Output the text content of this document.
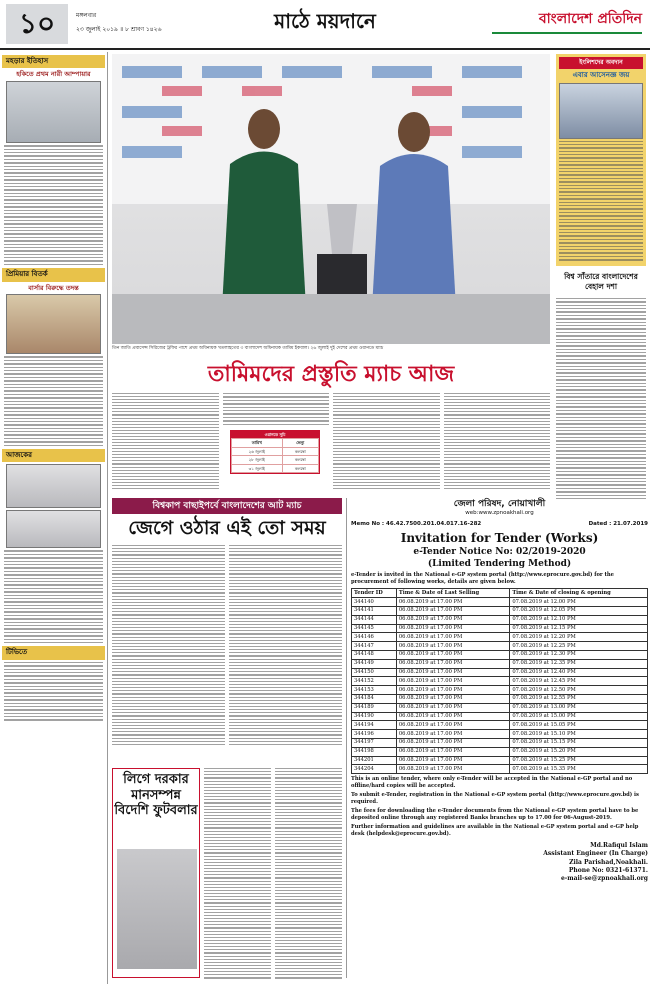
১০	মঙ্গলবার
২৩ জুলাই ২০১৯ ॥ ৮ শ্রাবণ ১৪২৬	মাঠে ময়দানে	বাংলাদেশ প্রতিদিন
মহড়ার ইতিহাস
হকিতে প্রথম নারী আম্পায়ার
প্রিমিয়ার বিতর্ক
বার্সার বিরুদ্ধে তদন্ত
আজকের
টিভিতে
তিন জাতি প্রবাসেন্স সিরিজের ট্রফির পাশে প্রথম অধিনায়ক খতলাহতের ৩ বাংলাদেশ অধিনায়ক তামিম ইকবাল। ২৬ জুলাই দুই দেশের প্রথম ওয়ানডে ম্যাচ
ইংলিশদের অবদান
এবার আসেনজ্ঞ জয়
বিশ্ব সাঁতারে বাংলাদেশের বেহাল দশা
তামিমদের প্রস্তুতি ম্যাচ আজ
ওয়ানডে সূচি
তারিখ	ভেন্যু
২৬ জুলাই	কলম্বো
২৮ জুলাই	কলম্বো
৩১ জুলাই	কলম্বো
বিশ্বকাপ বাছাইপর্বে বাংলাদেশের আট ম্যাচ
জেগে ওঠার এই তো সময়
লিগে দরকার মানসম্পন্ন বিদেশি ফুটবলার
জেলা পরিষদ, নোয়াখালী
web:www.zpnoakhali.org
Memo No : 46.42.7500.201.04.017.16-282	Dated : 21.07.2019
Invitation for Tender (Works)
e-Tender Notice No: 02/2019-2020
(Limited Tendering Method)
e-Tender is invited in the National e-GP system portal (http://www.eprocure.gov.bd) for the procurement of following works, details are given below.
Tender ID	Time & Date of Last Selling	Time & Date of closing & opening
344140	06.08.2019 at 17.00 PM	07.08.2019 at 12.00 PM
344141	06.08.2019 at 17.00 PM	07.08.2019 at 12.05 PM
344144	06.08.2019 at 17.00 PM	07.08.2019 at 12.10 PM
344145	06.08.2019 at 17.00 PM	07.08.2019 at 12.15 PM
344146	06.08.2019 at 17.00 PM	07.08.2019 at 12.20 PM
344147	06.08.2019 at 17.00 PM	07.08.2019 at 12.25 PM
344148	06.08.2019 at 17.00 PM	07.08.2019 at 12.30 PM
344149	06.08.2019 at 17.00 PM	07.08.2019 at 12.35 PM
344150	06.08.2019 at 17.00 PM	07.08.2019 at 12.40 PM
344152	06.08.2019 at 17.00 PM	07.08.2019 at 12.45 PM
344153	06.08.2019 at 17.00 PM	07.08.2019 at 12.50 PM
344184	06.08.2019 at 17.00 PM	07.08.2019 at 12.55 PM
344189	06.08.2019 at 17.00 PM	07.08.2019 at 13.00 PM
344190	06.08.2019 at 17.00 PM	07.08.2019 at 15.00 PM
344194	06.08.2019 at 17.00 PM	07.08.2019 at 15.05 PM
344196	06.08.2019 at 17.00 PM	07.08.2019 at 15.10 PM
344197	06.08.2019 at 17.00 PM	07.08.2019 at 15.15 PM
344198	06.08.2019 at 17.00 PM	07.08.2019 at 15.20 PM
344201	06.08.2019 at 17.00 PM	07.08.2019 at 15.25 PM
344204	06.08.2019 at 17.00 PM	07.08.2019 at 15.35 PM
This is an online tender, where only e-Tender will be accepted in the National e-GP portal and no offline/hard copies will be accepted.
To submit e-Tender, registration in the National e-GP system portal (http://www.eprocure.gov.bd) is required.
The fees for downloading the e-Tender documents from the National e-GP system portal have to be deposited online through any registered Banks branches up to 17.00 for 06-August-2019.
Further information and guidelines are available in the National e-GP system portal and e-GP help desk (helpdesk@eprocure.gov.bd).
Md.Rafiqul Islam
Assistant Engineer (In Charge)
Zila Parishad,Noakhali.
Phone No: 0321-61371.
e-mail-se@zpnoakhali.org
